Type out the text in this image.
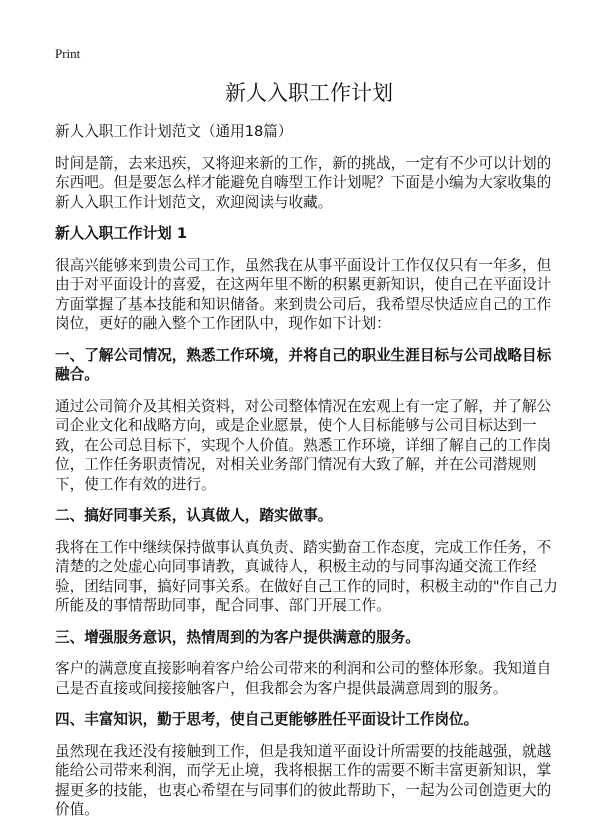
Print
新人入职工作计划

新人入职工作计划范文（通用18篇）

时间是箭，去来迅疾，又将迎来新的工作，新的挑战，一定有不少可以计划的东西吧。但是要怎么样才能避免自嗨型工作计划呢？下面是小编为大家收集的新人入职工作计划范文，欢迎阅读与收藏。

新人入职工作计划 1

很高兴能够来到贵公司工作，虽然我在从事平面设计工作仅仅只有一年多，但由于对平面设计的喜爱，在这两年里不断的积累更新知识，使自己在平面设计方面掌握了基本技能和知识储备。来到贵公司后，我希望尽快适应自己的工作岗位，更好的融入整个工作团队中，现作如下计划：

一、了解公司情况，熟悉工作环境，并将自己的职业生涯目标与公司战略目标融合。

通过公司简介及其相关资料，对公司整体情况在宏观上有一定了解，并了解公司企业文化和战略方向，或是企业愿景，使个人目标能够与公司目标达到一致，在公司总目标下，实现个人价值。熟悉工作环境，详细了解自己的工作岗位，工作任务职责情况，对相关业务部门情况有大致了解，并在公司潜规则下，使工作有效的进行。

二、搞好同事关系，认真做人，踏实做事。

我将在工作中继续保持做事认真负责、踏实勤奋工作态度，完成工作任务，不清楚的之处虚心向同事请教，真诚待人，积极主动的与同事沟通交流工作经验，团结同事，搞好同事关系。在做好自己工作的同时，积极主动的"作自己力所能及的事情帮助同事，配合同事、部门开展工作。

三、增强服务意识，热情周到的为客户提供满意的服务。

客户的满意度直接影响着客户给公司带来的利润和公司的整体形象。我知道自己是否直接或间接接触客户，但我都会为客户提供最满意周到的服务。

四、丰富知识，勤于思考，使自己更能够胜任平面设计工作岗位。

虽然现在我还没有接触到工作，但是我知道平面设计所需要的技能越强，就越能给公司带来利润，而学无止境，我将根据工作的需要不断丰富更新知识，掌握更多的技能，也衷心希望在与同事们的彼此帮助下，一起为公司创造更大的价值。
